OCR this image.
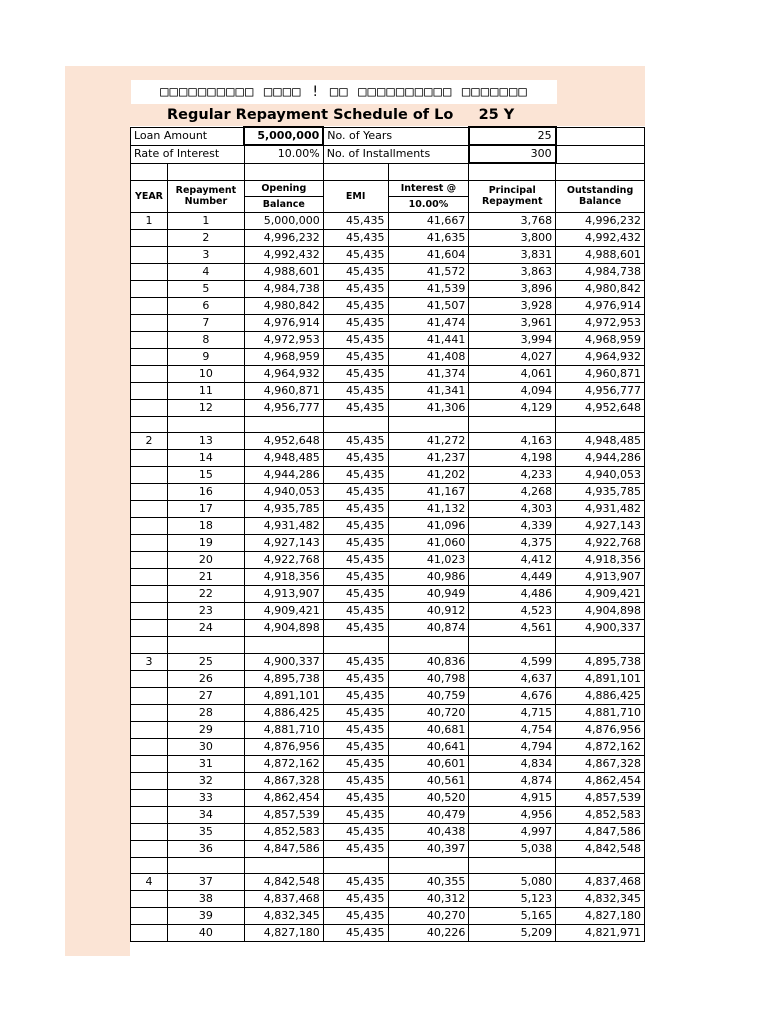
□□□□□□□□□□ □□□□ ! □□ □□□□□□□□□□ □□□□□□□
Regular Repayment Schedule of Lo     25 Y
Loan Amount		5,000,000	No. of Years		25	
Rate of Interest		10.00%	No. of Installments		300	

YEAR	Repayment Number	Opening	EMI	Interest @	Principal Repayment	Outstanding Balance
		Balance		10.00%		
1	1	5,000,000	45,435	41,667	3,768	4,996,232
	2	4,996,232	45,435	41,635	3,800	4,992,432
	3	4,992,432	45,435	41,604	3,831	4,988,601
	4	4,988,601	45,435	41,572	3,863	4,984,738
	5	4,984,738	45,435	41,539	3,896	4,980,842
	6	4,980,842	45,435	41,507	3,928	4,976,914
	7	4,976,914	45,435	41,474	3,961	4,972,953
	8	4,972,953	45,435	41,441	3,994	4,968,959
	9	4,968,959	45,435	41,408	4,027	4,964,932
	10	4,964,932	45,435	41,374	4,061	4,960,871
	11	4,960,871	45,435	41,341	4,094	4,956,777
	12	4,956,777	45,435	41,306	4,129	4,952,648

2	13	4,952,648	45,435	41,272	4,163	4,948,485
	14	4,948,485	45,435	41,237	4,198	4,944,286
	15	4,944,286	45,435	41,202	4,233	4,940,053
	16	4,940,053	45,435	41,167	4,268	4,935,785
	17	4,935,785	45,435	41,132	4,303	4,931,482
	18	4,931,482	45,435	41,096	4,339	4,927,143
	19	4,927,143	45,435	41,060	4,375	4,922,768
	20	4,922,768	45,435	41,023	4,412	4,918,356
	21	4,918,356	45,435	40,986	4,449	4,913,907
	22	4,913,907	45,435	40,949	4,486	4,909,421
	23	4,909,421	45,435	40,912	4,523	4,904,898
	24	4,904,898	45,435	40,874	4,561	4,900,337

3	25	4,900,337	45,435	40,836	4,599	4,895,738
	26	4,895,738	45,435	40,798	4,637	4,891,101
	27	4,891,101	45,435	40,759	4,676	4,886,425
	28	4,886,425	45,435	40,720	4,715	4,881,710
	29	4,881,710	45,435	40,681	4,754	4,876,956
	30	4,876,956	45,435	40,641	4,794	4,872,162
	31	4,872,162	45,435	40,601	4,834	4,867,328
	32	4,867,328	45,435	40,561	4,874	4,862,454
	33	4,862,454	45,435	40,520	4,915	4,857,539
	34	4,857,539	45,435	40,479	4,956	4,852,583
	35	4,852,583	45,435	40,438	4,997	4,847,586
	36	4,847,586	45,435	40,397	5,038	4,842,548

4	37	4,842,548	45,435	40,355	5,080	4,837,468
	38	4,837,468	45,435	40,312	5,123	4,832,345
	39	4,832,345	45,435	40,270	5,165	4,827,180
	40	4,827,180	45,435	40,226	5,209	4,821,971
